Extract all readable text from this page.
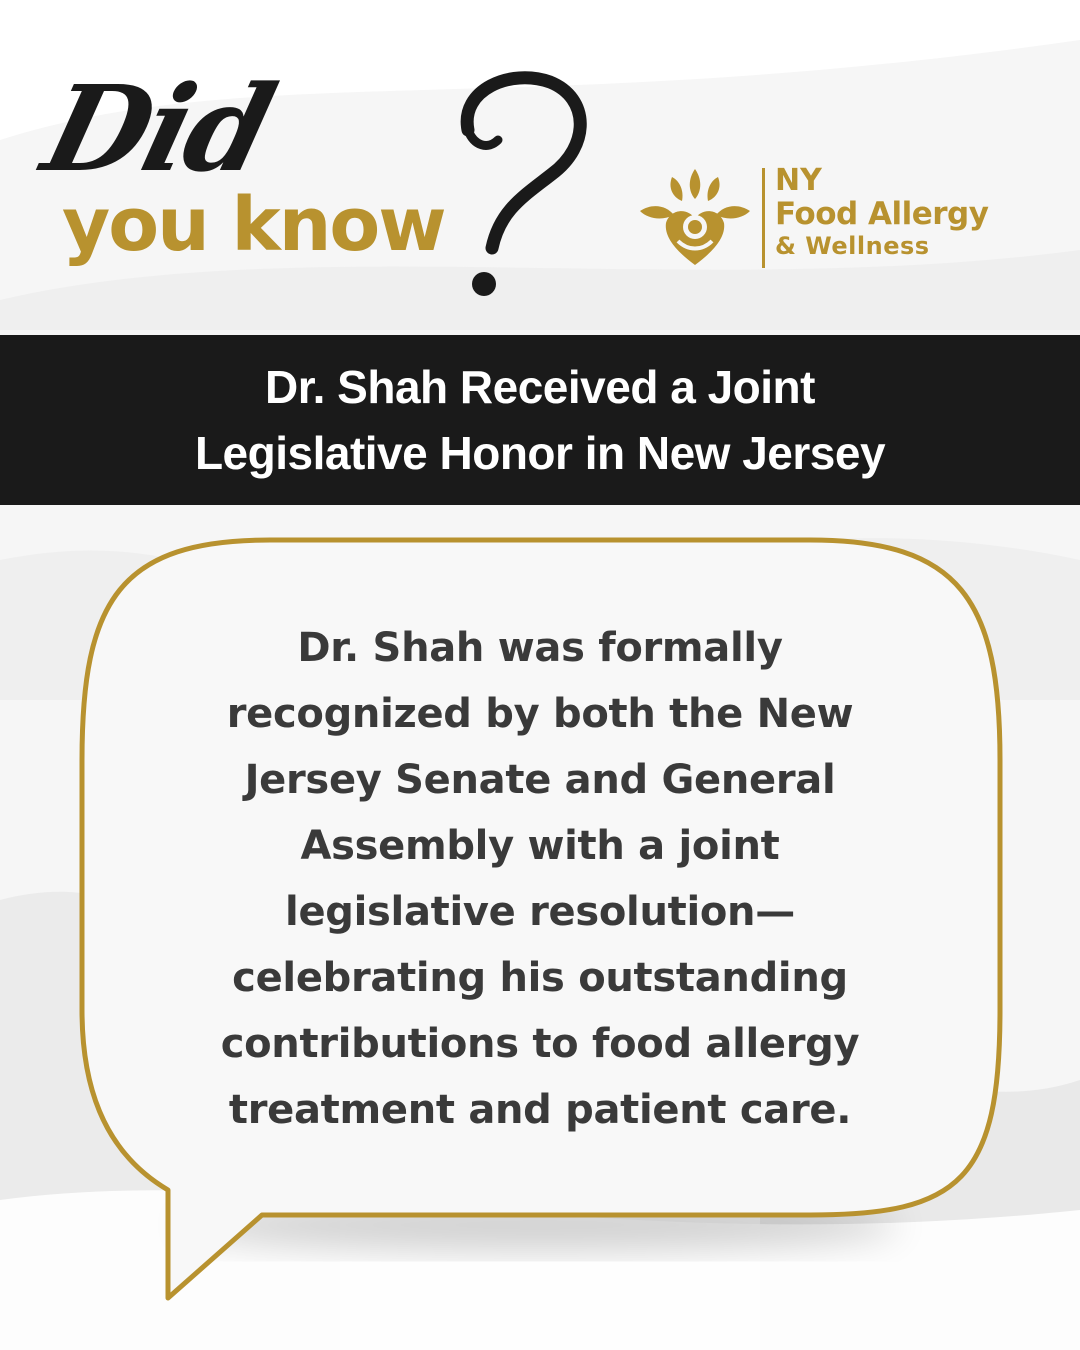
Did
you know
NY
Food Allergy
& Wellness
Dr. Shah Received a Joint
Legislative Honor in New Jersey
Dr. Shah was formally
recognized by both the New
Jersey Senate and General
Assembly with a joint
legislative resolution—
celebrating his outstanding
contributions to food allergy
treatment and patient care.
